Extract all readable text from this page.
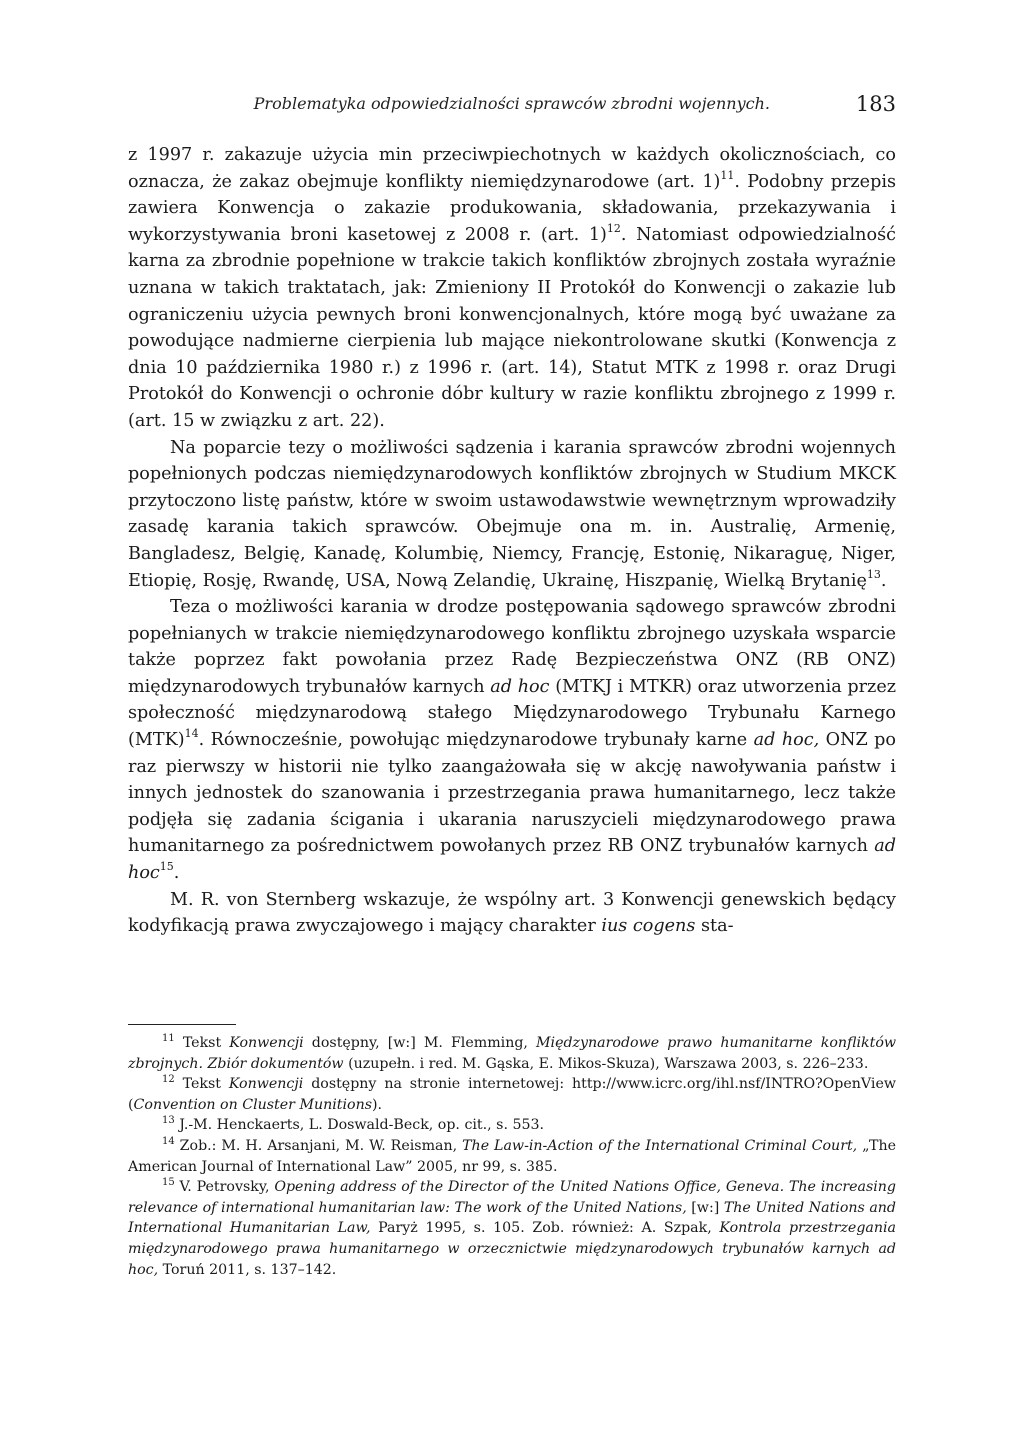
Problematyka odpowiedzialności sprawców zbrodni wojennych.	183

z 1997 r. zakazuje użycia min przeciwpiechotnych w każdych okolicznościach, co oznacza, że zakaz obejmuje konflikty niemiędzynarodowe (art. 1)$^{11}$. Podobny przepis zawiera Konwencja o zakazie produkowania, składowania, przekazywania i wykorzystywania broni kasetowej z 2008 r. (art. 1)$^{12}$. Natomiast odpowiedzialność karna za zbrodnie popełnione w trakcie takich konfliktów zbrojnych została wyraźnie uznana w takich traktatach, jak: Zmieniony II Protokół do Konwencji o zakazie lub ograniczeniu użycia pewnych broni konwencjonalnych, które mogą być uważane za powodujące nadmierne cierpienia lub mające niekontrolowane skutki (Konwencja z dnia 10 października 1980 r.) z 1996 r. (art. 14), Statut MTK z 1998 r. oraz Drugi Protokół do Konwencji o ochronie dóbr kultury w razie konfliktu zbrojnego z 1999 r. (art. 15 w związku z art. 22).

Na poparcie tezy o możliwości sądzenia i karania sprawców zbrodni wojennych popełnionych podczas niemiędzynarodowych konfliktów zbrojnych w Studium MKCK przytoczono listę państw, które w swoim ustawodawstwie wewnętrznym wprowadziły zasadę karania takich sprawców. Obejmuje ona m. in. Australię, Armenię, Bangladesz, Belgię, Kanadę, Kolumbię, Niemcy, Francję, Estonię, Nikaraguę, Niger, Etiopię, Rosję, Rwandę, USA, Nową Zelandię, Ukrainę, Hiszpanię, Wielką Brytanię$^{13}$.

Teza o możliwości karania w drodze postępowania sądowego sprawców zbrodni popełnianych w trakcie niemiędzynarodowego konfliktu zbrojnego uzyskała wsparcie także poprzez fakt powołania przez Radę Bezpieczeństwa ONZ (RB ONZ) międzynarodowych trybunałów karnych ad hoc (MTKJ i MTKR) oraz utworzenia przez społeczność międzynarodową stałego Międzynarodowego Trybunału Karnego (MTK)$^{14}$. Równocześnie, powołując międzynarodowe trybunały karne ad hoc, ONZ po raz pierwszy w historii nie tylko zaangażowała się w akcję nawoływania państw i innych jednostek do szanowania i przestrzegania prawa humanitarnego, lecz także podjęła się zadania ścigania i ukarania naruszycieli międzynarodowego prawa humanitarnego za pośrednictwem powołanych przez RB ONZ trybunałów karnych ad hoc$^{15}$.

M. R. von Sternberg wskazuje, że wspólny art. 3 Konwencji genewskich będący kodyfikacją prawa zwyczajowego i mający charakter ius cogens sta-

$^{11}$ Tekst Konwencji dostępny, [w:] M. Flemming, Międzynarodowe prawo humanitarne konfliktów zbrojnych. Zbiór dokumentów (uzupełn. i red. M. Gąska, E. Mikos-Skuza), Warszawa 2003, s. 226–233.

$^{12}$ Tekst Konwencji dostępny na stronie internetowej: http://www.icrc.org/ihl.nsf/INTRO?OpenView (Convention on Cluster Munitions).

$^{13}$ J.-M. Henckaerts, L. Doswald-Beck, op. cit., s. 553.

$^{14}$ Zob.: M. H. Arsanjani, M. W. Reisman, The Law-in-Action of the International Criminal Court, „The American Journal of International Law” 2005, nr 99, s. 385.

$^{15}$ V. Petrovsky, Opening address of the Director of the United Nations Office, Geneva. The increasing relevance of international humanitarian law: The work of the United Nations, [w:] The United Nations and International Humanitarian Law, Paryż 1995, s. 105. Zob. również: A. Szpak, Kontrola przestrzegania międzynarodowego prawa humanitarnego w orzecznictwie międzynarodowych trybunałów karnych ad hoc, Toruń 2011, s. 137–142.
